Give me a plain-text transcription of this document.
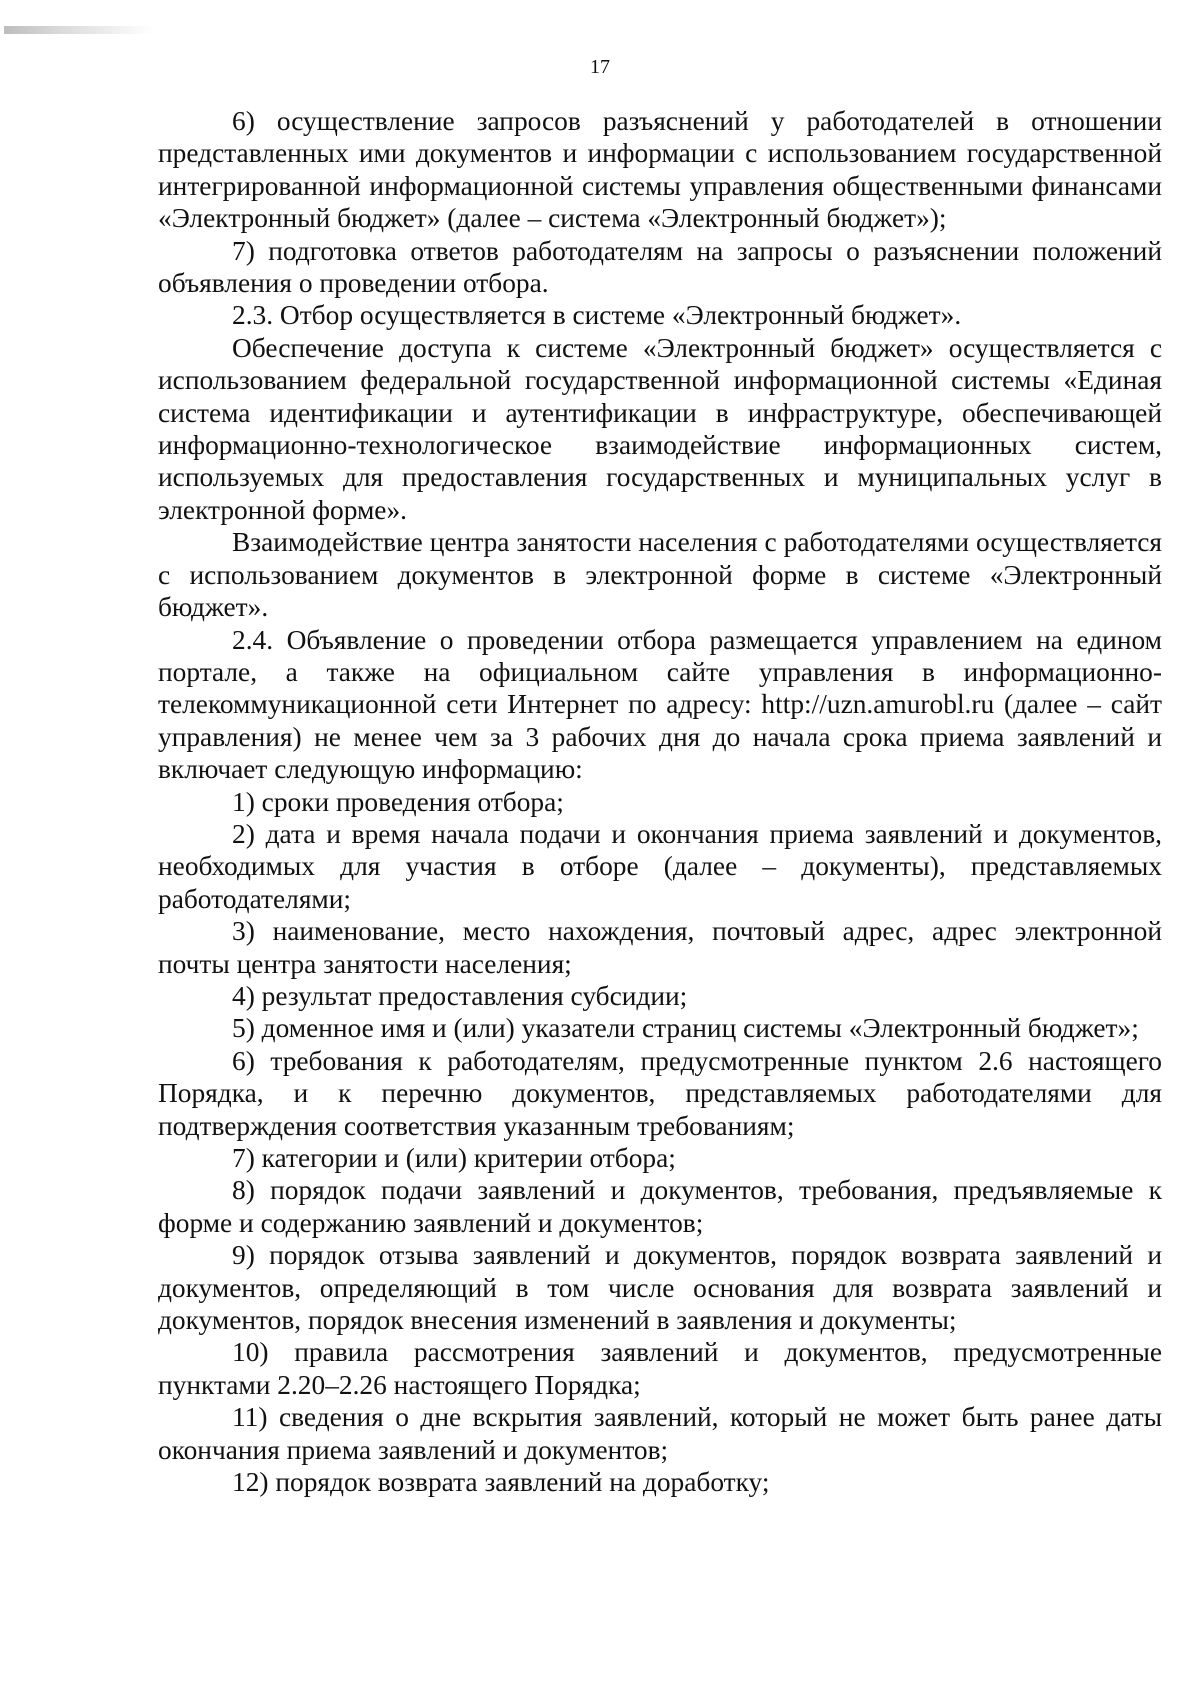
17

6) осуществление запросов разъяснений у работодателей в отношении представленных ими документов и информации с использованием государственной интегрированной информационной системы управления общественными финансами «Электронный бюджет» (далее – система «Электронный бюджет»);

7) подготовка ответов работодателям на запросы о разъяснении положений объявления о проведении отбора.

2.3. Отбор осуществляется в системе «Электронный бюджет».

Обеспечение доступа к системе «Электронный бюджет» осуществляется с использованием федеральной государственной информационной системы «Единая система идентификации и аутентификации в инфраструктуре, обеспечивающей информационно-технологическое взаимодействие информационных систем, используемых для предоставления государственных и муниципальных услуг в электронной форме».

Взаимодействие центра занятости населения с работодателями осуществляется с использованием документов в электронной форме в системе «Электронный бюджет».

2.4. Объявление о проведении отбора размещается управлением на едином портале, а также на официальном сайте управления в информационно-телекоммуникационной сети Интернет по адресу: http://uzn.amurobl.ru (далее – сайт управления) не менее чем за 3 рабочих дня до начала срока приема заявлений и включает следующую информацию:

1) сроки проведения отбора;

2) дата и время начала подачи и окончания приема заявлений и документов, необходимых для участия в отборе (далее – документы), представляемых работодателями;

3) наименование, место нахождения, почтовый адрес, адрес электронной почты центра занятости населения;

4) результат предоставления субсидии;

5) доменное имя и (или) указатели страниц системы «Электронный бюджет»;

6) требования к работодателям, предусмотренные пунктом 2.6 настоящего Порядка, и к перечню документов, представляемых работодателями для подтверждения соответствия указанным требованиям;

7) категории и (или) критерии отбора;

8) порядок подачи заявлений и документов, требования, предъявляемые к форме и содержанию заявлений и документов;

9) порядок отзыва заявлений и документов, порядок возврата заявлений и документов, определяющий в том числе основания для возврата заявлений и документов, порядок внесения изменений в заявления и документы;

10) правила рассмотрения заявлений и документов, предусмотренные пунктами 2.20–2.26 настоящего Порядка;

11) сведения о дне вскрытия заявлений, который не может быть ранее даты окончания приема заявлений и документов;

12) порядок возврата заявлений на доработку;
